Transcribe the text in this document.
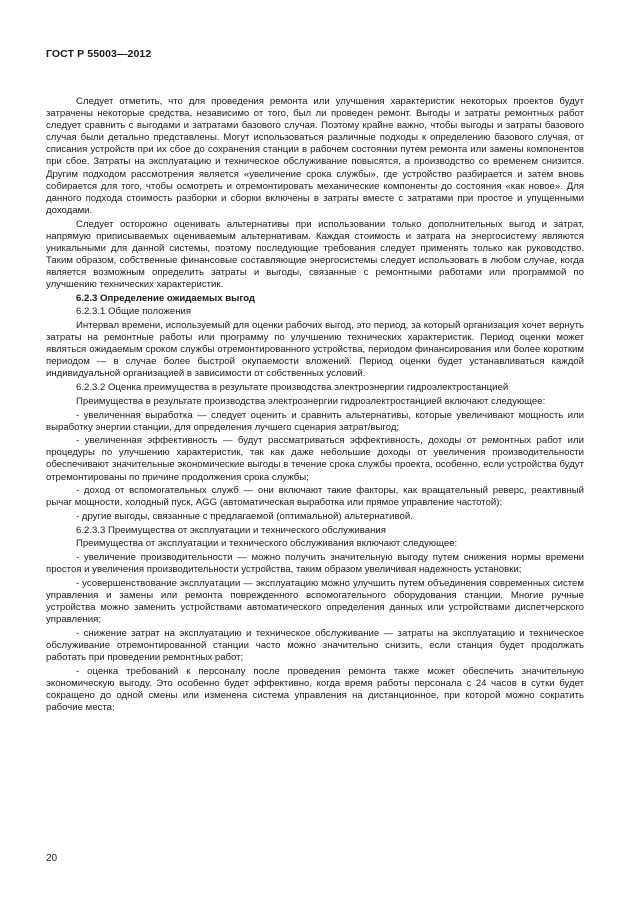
ГОСТ Р 55003—2012

Следует отметить, что для проведения ремонта или улучшения характеристик некоторых проектов будут затрачены некоторые средства, независимо от того, был ли проведен ремонт. Выгоды и затраты ремонтных работ следует сравнить с выгодами и затратами базового случая. Поэтому крайне важно, чтобы выгоды и затраты базового случая были детально представлены. Могут использоваться различные подходы к определению базового случая, от списания устройств при их сбое до сохранения станции в рабочем состоянии путем ремонта или замены компонентов при сбое. Затраты на эксплуатацию и техническое обслуживание повысятся, а производство со временем снизится. Другим подходом рассмотрения является «увеличение срока службы», где устройство разбирается и затем вновь собирается для того, чтобы осмотреть и отремонтировать механические компоненты до состояния «как новое». Для данного подхода стоимость разборки и сборки включены в затраты вместе с затратами при простое и упущенными доходами.

Следует осторожно оценивать альтернативы при использовании только дополнительных выгод и затрат, напрямую приписываемых оцениваемым альтернативам. Каждая стоимость и затрата на энергосистему являются уникальными для данной системы, поэтому последующие требования следует применять только как руководство. Таким образом, собственные финансовые составляющие энергосистемы следует использовать в любом случае, когда является возможным определить затраты и выгоды, связанные с ремонтными работами или программой по улучшению технических характеристик.

6.2.3 Определение ожидаемых выгод

6.2.3.1 Общие положения

Интервал времени, используемый для оценки рабочих выгод, это период, за который организация хочет вернуть затраты на ремонтные работы или программу по улучшению технических характеристик. Период оценки может являться ожидаемым сроком службы отремонтированного устройства, периодом финансирования или более коротким периодом — в случае более быстрой окупаемости вложений. Период оценки будет устанавливаться каждой индивидуальной организацией в зависимости от собственных условий.

6.2.3.2 Оценка преимущества в результате производства электроэнергии гидроэлектростанцией

Преимущества в результате производства электроэнергии гидроэлектростанцией включают следующее:

- увеличенная выработка — следует оценить и сравнить альтернативы, которые увеличивают мощность или выработку энергии станции, для определения лучшего сценария затрат/выгод;

- увеличенная эффективность — будут рассматриваться эффективность, доходы от ремонтных работ или процедуры по улучшению характеристик, так как даже небольшие доходы от увеличения производительности обеспечивают значительные экономические выгоды в течение срока службы проекта, особенно, если устройства будут отремонтированы по причине продолжения срока службы;

- доход от вспомогательных служб — они включают такие факторы, как вращательный реверс, реактивный рычаг мощности, холодный пуск, AGG (автоматическая выработка или прямое управление частотой);

- другие выгоды, связанные с предлагаемой (оптимальной) альтернативой.

6.2.3.3 Преимущества от эксплуатации и технического обслуживания

Преимущества от эксплуатации и технического обслуживания включают следующее:

- увеличение производительности — можно получить значительную выгоду путем снижения нормы времени простоя и увеличения производительности устройства, таким образом увеличивая надежность установки;

- усовершенствование эксплуатации — эксплуатацию можно улучшить путем объединения современных систем управления и замены или ремонта поврежденного вспомогательного оборудования станции. Многие ручные устройства можно заменить устройствами автоматического определения данных или устройствами диспетчерского управления;

- снижение затрат на эксплуатацию и техническое обслуживание — затраты на эксплуатацию и техническое обслуживание отремонтированной станции часто можно значительно снизить, если станция будет продолжать работать при проведении ремонтных работ;

- оценка требований к персоналу после проведения ремонта также может обеспечить значительную экономическую выгоду. Это особенно будет эффективно, когда время работы персонала с 24 часов в сутки будет сокращено до одной смены или изменена система управления на дистанционное, при которой можно сократить рабочие места;

20
